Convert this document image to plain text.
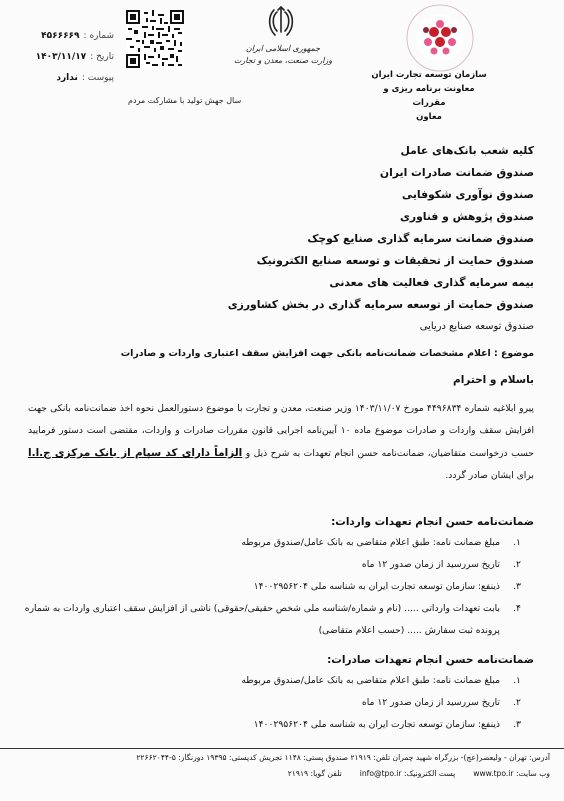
شماره :
۴۵۶۶۶۶۹
تاریخ :
۱۴۰۳/۱۱/۱۷
پیوست :
ندارد
سال جهش تولید با مشارکت مردم
جمهوری اسلامی ایران
وزارت صنعت، معدن و تجارت
سازمان توسعه تجارت ایران
معاونت برنامه ریزی و مقررات
معاون
کلیه شعب بانک‌های عامل
صندوق ضمانت صادرات ایران
صندوق نوآوری شکوفایی
صندوق پژوهش و فناوری
صندوق ضمانت سرمایه گذاری صنایع کوچک
صندوق حمایت از تحقیقات و توسعه صنایع الکترونیک
بیمه سرمایه گذاری فعالیت های معدنی
صندوق حمایت از توسعه سرمایه گذاری در بخش کشاورزی
صندوق توسعه صنایع دریایی
موضوع : اعلام مشخصات ضمانت‌نامه بانکی جهت افزایش سقف اعتباری واردات و صادرات
باسلام و احترام
پیرو ابلاغیه شماره ۴۴۹۶۸۳۴ مورخ ۱۴۰۳/۱۱/۰۷ وزیر صنعت، معدن و تجارت با موضوع دستورالعمل نحوه اخذ ضمانت‌نامه بانکی جهت افزایش سقف واردات و صادرات موضوع ماده ۱۰ آیین‌نامه اجرایی قانون مقررات صادرات و واردات، مقتضی است دستور فرمایید حسب درخواست متقاضیان، ضمانت‌نامه حسن انجام تعهدات به شرح ذیل و الزاماً دارای کد سپام از بانک مرکزی ج.ا.ا برای ایشان صادر گردد.
ضمانت‌نامه حسن انجام تعهدات واردات:
۱.
مبلغ ضمانت نامه: طبق اعلام متقاضی به بانک عامل/صندوق مربوطه
۲.
تاریخ سررسید از زمان صدور ۱۲ ماه
۳.
ذینفع: سازمان توسعه تجارت ایران به شناسه ملی ۱۴۰۰۲۹۵۶۲۰۴
۴.
بابت تعهدات وارداتی ..... (نام و شماره/شناسه ملی شخص حقیقی/حقوقی) ناشی از افزایش سقف اعتباری واردات به شماره پرونده ثبت سفارش ..... (حسب اعلام متقاضی)
ضمانت‌نامه حسن انجام تعهدات صادرات:
۱.
مبلغ ضمانت نامه: طبق اعلام متقاضی به بانک عامل/صندوق مربوطه
۲.
تاریخ سررسید از زمان صدور ۱۲ ماه
۳.
ذینفع: سازمان توسعه تجارت ایران به شناسه ملی ۱۴۰۰۲۹۵۶۲۰۴
آدرس: تهران - ولیعصر(عج)- بزرگراه شهید چمران تلفن: ۲۱۹۱۹ صندوق پستی: ۱۱۴۸ تجریش کدپستی: ۱۹۳۹۵ دورنگار: ۵-۲۲۶۶۲۰۴۴
وب سایت: www.tpo.ir
پست الکترونیک: info@tpo.ir
تلفن گویا: ۲۱۹۱۹
